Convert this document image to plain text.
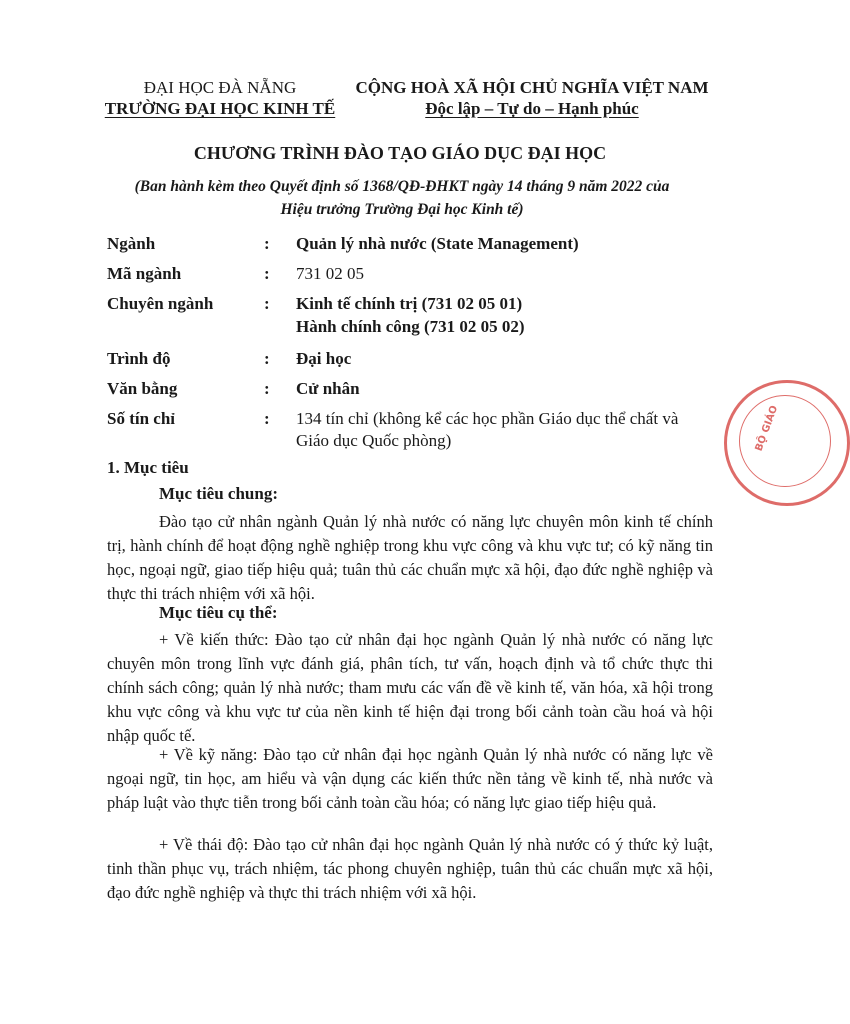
ĐẠI HỌC ĐÀ NẴNG
TRƯỜNG ĐẠI HỌC KINH TẾ
CỘNG HOÀ XÃ HỘI CHỦ NGHĨA VIỆT NAM
Độc lập – Tự do – Hạnh phúc
CHƯƠNG TRÌNH ĐÀO TẠO GIÁO DỤC ĐẠI HỌC
(Ban hành kèm theo Quyết định số 1368/QĐ-ĐHKT ngày 14 tháng 9 năm 2022 của
Hiệu trưởng Trường Đại học Kinh tế)
Ngành	: Quản lý nhà nước (State Management)
Mã ngành	: 731 02 05
Chuyên ngành	: Kinh tế chính trị (731 02 05 01)
Hành chính công (731 02 05 02)
Trình độ	: Đại học
Văn bằng	: Cử nhân
Số tín chỉ	: 134 tín chỉ (không kể các học phần Giáo dục thể chất và
Giáo dục Quốc phòng)
1. Mục tiêu
Mục tiêu chung:
Đào tạo cử nhân ngành Quản lý nhà nước có năng lực chuyên môn kinh tế chính trị, hành chính để hoạt động nghề nghiệp trong khu vực công và khu vực tư; có kỹ năng tin học, ngoại ngữ, giao tiếp hiệu quả; tuân thủ các chuẩn mực xã hội, đạo đức nghề nghiệp và thực thi trách nhiệm với xã hội.
Mục tiêu cụ thể:
+ Về kiến thức: Đào tạo cử nhân đại học ngành Quản lý nhà nước có năng lực chuyên môn trong lĩnh vực đánh giá, phân tích, tư vấn, hoạch định và tổ chức thực thi chính sách công; quản lý nhà nước; tham mưu các vấn đề về kinh tế, văn hóa, xã hội trong khu vực công và khu vực tư của nền kinh tế hiện đại trong bối cảnh toàn cầu hoá và hội nhập quốc tế.
+ Về kỹ năng: Đào tạo cử nhân đại học ngành Quản lý nhà nước có năng lực về ngoại ngữ, tin học, am hiểu và vận dụng các kiến thức nền tảng về kinh tế, nhà nước và pháp luật vào thực tiễn trong bối cảnh toàn cầu hóa; có năng lực giao tiếp hiệu quả.
+ Về thái độ: Đào tạo cử nhân đại học ngành Quản lý nhà nước có ý thức kỷ luật, tinh thần phục vụ, trách nhiệm, tác phong chuyên nghiệp, tuân thủ các chuẩn mực xã hội, đạo đức nghề nghiệp và thực thi trách nhiệm với xã hội.
BỘ GIÁO
